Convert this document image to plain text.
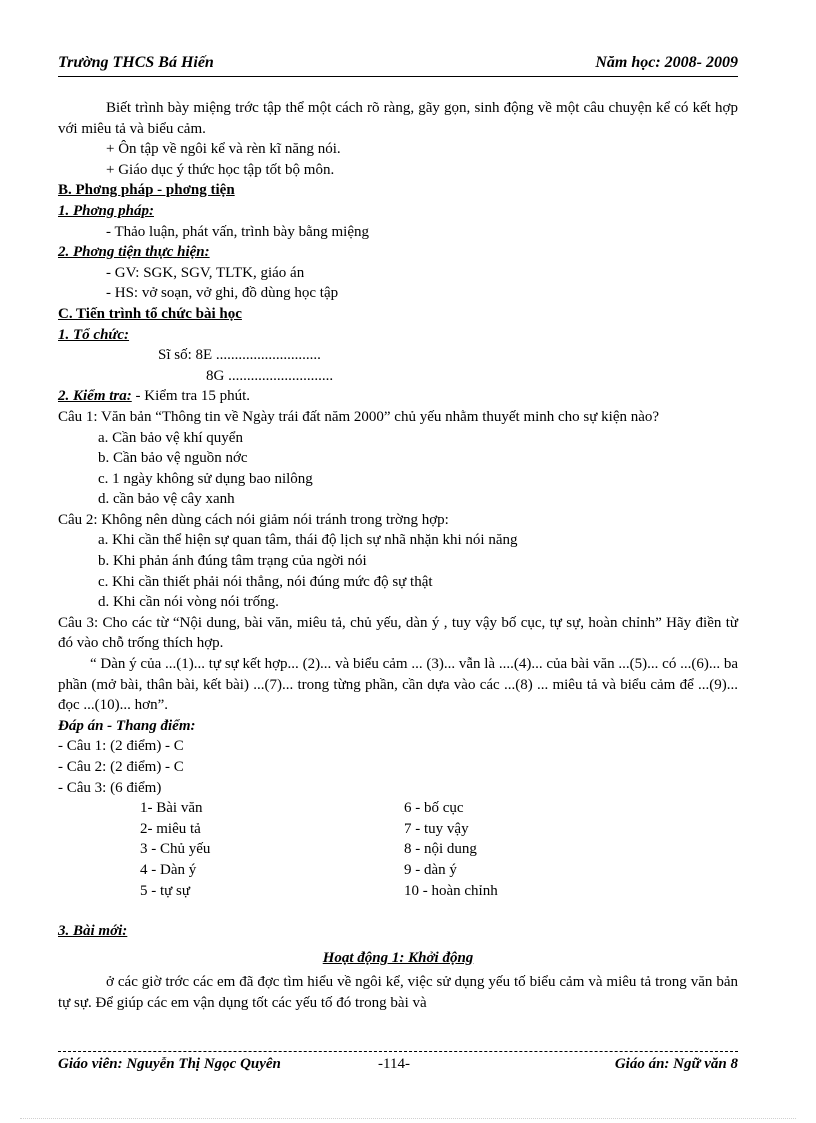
Trường THCS Bá Hiến	Năm học: 2008- 2009
Biết trình bày miệng trớc tập thể một cách rõ ràng, gãy gọn, sinh động về một câu chuyện kể có kết hợp với miêu tả và biểu cảm.
+ Ôn tập về ngôi kể và rèn kĩ năng nói.
+ Giáo dục ý thức học tập tốt bộ môn.
B. Phơng pháp - phơng tiện
1. Phơng pháp:
- Thảo luận, phát vấn, trình bày bằng miệng
2. Phơng tiện thực hiện:
- GV: SGK, SGV, TLTK, giáo án
- HS: vở soạn, vở ghi, đồ dùng học tập
C. Tiến trình tổ chức bài học
1. Tổ chức:
Sĩ số: 8E ............................
8G ............................
2. Kiểm tra: - Kiểm tra 15 phút.
Câu 1: Văn bản “Thông tin về Ngày trái đất năm 2000” chủ yếu nhằm thuyết minh cho sự kiện nào?
a. Cần bảo vệ khí quyển
b. Cần bảo vệ nguồn nớc
c. 1 ngày không sử dụng bao nilông
d. cần bảo vệ cây xanh
Câu 2: Không nên dùng cách nói giảm nói tránh trong trờng hợp:
a. Khi cần thể hiện sự quan tâm, thái độ lịch sự nhã nhặn khi nói năng
b. Khi phản ánh đúng tâm trạng của ngời nói
c. Khi cần thiết phải nói thẳng, nói đúng mức độ sự thật
d. Khi cần nói vòng nói trống.
Câu 3: Cho các từ “Nội dung, bài văn, miêu tả, chủ yếu, dàn ý , tuy vậy bố cục, tự sự, hoàn chỉnh” Hãy điền từ đó vào chỗ trống thích hợp.
“ Dàn ý của ...(1)... tự sự kết hợp... (2)... và biểu cảm ... (3)... vẫn là ....(4)... của bài văn ...(5)... có ...(6)... ba phần (mở bài, thân bài, kết bài) ...(7)... trong từng phần, cần dựa vào các ...(8) ... miêu tả và biểu cảm để ...(9)... đọc ...(10)... hơn”.
Đáp án - Thang điểm:
- Câu 1: (2 điểm) - C
- Câu 2: (2 điểm) - C
- Câu 3: (6 điểm)
1- Bài văn	6 - bố cục
2- miêu tả	7 - tuy vậy
3 - Chủ yếu	8 - nội dung
4 - Dàn ý	9 - dàn ý
5 - tự sự	10 - hoàn chỉnh
3. Bài mới:
Hoạt động 1: Khởi động
ở các giờ trớc các em đã đợc tìm hiểu về ngôi kể, việc sử dụng yếu tố biểu cảm và miêu tả trong văn bản tự sự. Để giúp các em vận dụng tốt các yếu tố đó trong bài và
Giáo viên: Nguyễn Thị Ngọc Quyên	-114-	Giáo án: Ngữ văn 8
